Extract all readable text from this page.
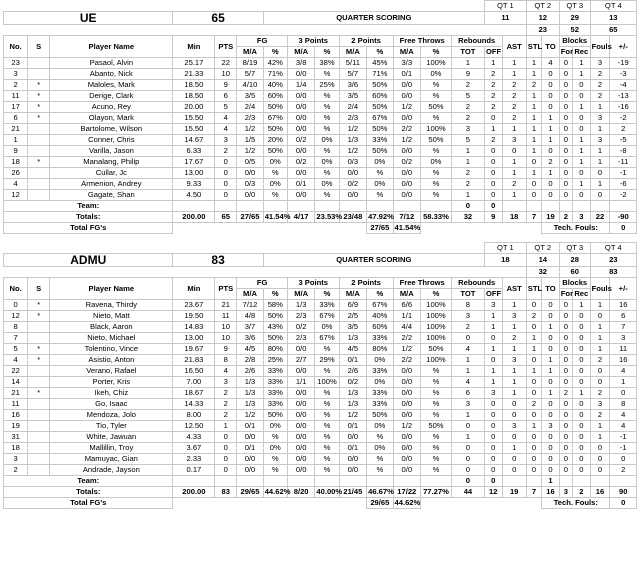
														QT 1		QT 2		QT 3		QT 4	
UE			65			QUARTER SCORING								11		12		29		13	
																23		52		65	
No.	S	Player Name	Min	PTS	FG		3 Points		2 Points		Free Throws		Rebounds		AST	STL	TO	Blocks		Fouls	+/-
					M/A	%	M/A	%	M/A	%	M/A	%	TOT	OFF				For	Rec		
23		Pasaol, Alvin	25.17	22	8/19	42%	3/8	38%	5/11	45%	3/3	100%	1	1	1	1	4	0	1	3	-19
3		Abanto, Nick	21.33	10	5/7	71%	0/0	%	5/7	71%	0/1	0%	9	2	1	1	0	0	1	2	-3
2	*	Maloles, Mark	18.50	9	4/10	40%	1/4	25%	3/6	50%	0/0	%	2	2	2	2	0	0	0	2	-4
11	*	Derige, Clark	18.50	6	3/5	60%	0/0	%	3/5	60%	0/0	%	5	2	2	1	0	0	0	2	-13
17	*	Acuno, Rey	20.00	5	2/4	50%	0/0	%	2/4	50%	1/2	50%	2	2	2	1	0	0	1	1	-16
6	*	Olayon, Mark	15.50	4	2/3	67%	0/0	%	2/3	67%	0/0	%	2	0	2	1	1	0	0	3	-2
21		Bartolome, Wilson	15.50	4	1/2	50%	0/0	%	1/2	50%	2/2	100%	3	1	1	1	1	0	0	1	2
1		Conner, Chris	14.67	3	1/5	20%	0/2	0%	1/3	33%	1/2	50%	5	2	3	1	1	0	1	3	-5
9		Varilla, Jason	6.33	2	1/2	50%	0/0	%	1/2	50%	0/0	%	1	0	0	1	0	0	1	1	-8
18	*	Manalang, Philip	17.67	0	0/5	0%	0/2	0%	0/3	0%	0/2	0%	1	0	1	0	2	0	1	1	-11
26		Cullar, Jc	13.00	0	0/0	%	0/0	%	0/0	%	0/0	%	2	0	1	1	1	0	0	0	-1
4		Armenion, Andrey	9.33	0	0/3	0%	0/1	0%	0/2	0%	0/0	%	2	0	2	0	0	0	1	1	-6
12		Gagate, Shan	4.50	0	0/0	%	0/0	%	0/0	%	0/0	%	1	0	1	0	0	0	0	0	-2
Team:													0	0							
Totals:			200.00	65	27/65	41.54%	4/17	23.53%	23/48	47.92%	7/12	58.33%	32	9	18	7	19	2	3	22	-90
Total FG's										27/65	41.54%						Tech. Fouls:				0
														QT 1		QT 2		QT 3		QT 4	
ADMU			83			QUARTER SCORING								18		14		28		23	
																32		60		83	
No.	S	Player Name	Min	PTS	FG		3 Points		2 Points		Free Throws		Rebounds		AST	STL	TO	Blocks		Fouls	+/-
					M/A	%	M/A	%	M/A	%	M/A	%	TOT	OFF				For	Rec		
0	*	Ravena, Thirdy	23.67	21	7/12	58%	1/3	33%	6/9	67%	6/6	100%	8	3	1	0	0	0	1	1	16
12	*	Nieto, Matt	19.50	11	4/8	50%	2/3	67%	2/5	40%	1/1	100%	3	1	3	2	0	0	0	0	6
8		Black, Aaron	14.83	10	3/7	43%	0/2	0%	3/5	60%	4/4	100%	2	1	1	0	1	0	0	1	7
7		Nieto, Michael	13.00	10	3/6	50%	2/3	67%	1/3	33%	2/2	100%	0	0	2	1	0	0	0	1	3
5	*	Tolentino, Vince	19.67	9	4/5	80%	0/0	%	4/5	80%	1/2	50%	4	1	1	1	0	0	0	1	11
4	*	Asistio, Anton	21.83	8	2/8	25%	2/7	29%	0/1	0%	2/2	100%	1	0	3	0	1	0	0	2	16
22		Verano, Rafael	16.50	4	2/6	33%	0/0	%	2/6	33%	0/0	%	1	1	1	1	1	0	0	0	4
14		Porter, Kris	7.00	3	1/3	33%	1/1	100%	0/2	0%	0/0	%	4	1	1	0	0	0	0	0	1
21	*	Ikeh, Chiz	18.67	2	1/3	33%	0/0	%	1/3	33%	0/0	%	6	3	1	0	1	2	1	2	0
11		Go, Isaac	14.33	2	1/3	33%	0/0	%	1/3	33%	0/0	%	3	0	0	2	0	0	0	3	8
16		Mendoza, Jolo	8.00	2	1/2	50%	0/0	%	1/2	50%	0/0	%	1	0	0	0	0	0	0	2	4
19		Tio, Tyler	12.50	1	0/1	0%	0/0	%	0/1	0%	1/2	50%	0	0	3	1	3	0	0	1	4
31		White, Jawuan	4.33	0	0/0	%	0/0	%	0/0	%	0/0	%	1	0	0	0	0	0	0	1	-1
18		Mallillin, Troy	3.67	0	0/1	0%	0/0	%	0/1	0%	0/0	%	0	0	1	0	0	0	0	0	-1
3		Mamuyac, Gian	2.33	0	0/0	%	0/0	%	0/0	%	0/0	%	0	0	0	0	0	0	0	0	0
2		Andrade, Jayson	0.17	0	0/0	%	0/0	%	0/0	%	0/0	%	0	0	0	0	0	0	0	0	2
Team:													0	0			1				
Totals:			200.00	83	29/65	44.62%	8/20	40.00%	21/45	46.67%	17/22	77.27%	44	12	19	7	16	3	2	16	90
Total FG's										29/65	44.62%						Tech. Fouls:				0
